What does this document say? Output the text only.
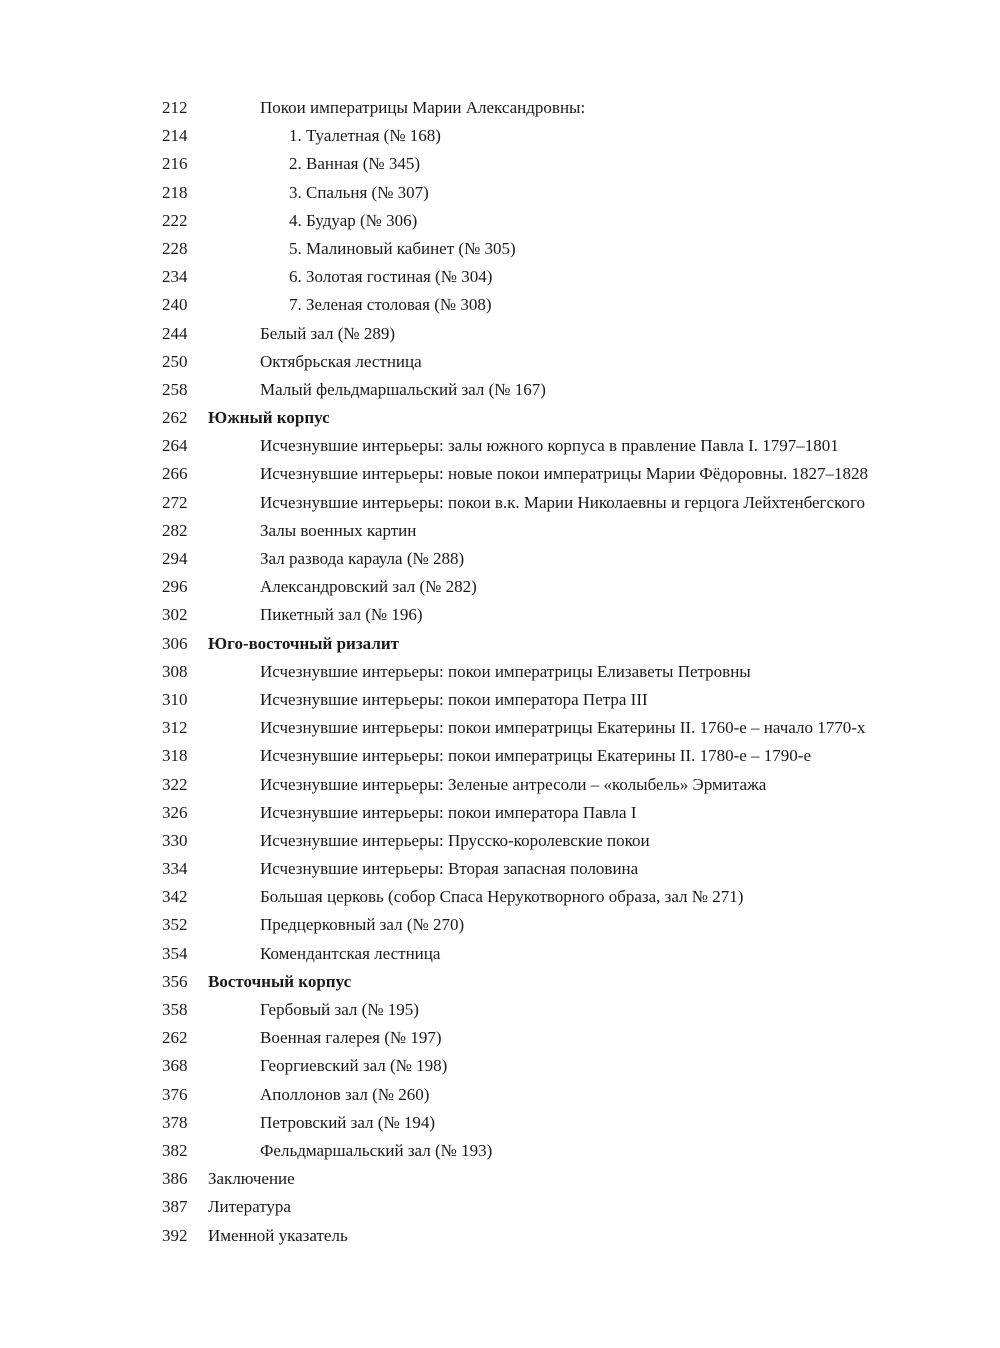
212	Покои императрицы Марии Александровны:
214	1. Туалетная (№ 168)
216	2. Ванная (№ 345)
218	3. Спальня (№ 307)
222	4. Будуар (№ 306)
228	5. Малиновый кабинет (№ 305)
234	6. Золотая гостиная (№ 304)
240	7. Зеленая столовая (№ 308)
244	Белый зал (№ 289)
250	Октябрьская лестница
258	Малый фельдмаршальский зал (№ 167)
262 Южный корпус
264	Исчезнувшие интерьеры: залы южного корпуса в правление Павла I. 1797–1801
266	Исчезнувшие интерьеры: новые покои императрицы Марии Фёдоровны. 1827–1828
272	Исчезнувшие интерьеры: покои в.к. Марии Николаевны и герцога Лейхтенбегского
282	Залы военных картин
294	Зал развода караула (№ 288)
296	Александровский зал (№ 282)
302	Пикетный зал (№ 196)
306 Юго-восточный ризалит
308	Исчезнувшие интерьеры: покои императрицы Елизаветы Петровны
310	Исчезнувшие интерьеры: покои императора Петра III
312	Исчезнувшие интерьеры: покои императрицы Екатерины II. 1760-е – начало 1770-х
318	Исчезнувшие интерьеры: покои императрицы Екатерины II. 1780-е – 1790-е
322	Исчезнувшие интерьеры: Зеленые антресоли – «колыбель» Эрмитажа
326	Исчезнувшие интерьеры: покои императора Павла I
330	Исчезнувшие интерьеры: Прусско-королевские покои
334	Исчезнувшие интерьеры: Вторая запасная половина
342	Большая церковь (собор Спаса Нерукотворного образа, зал № 271)
352	Предцерковный зал (№ 270)
354	Комендантская лестница
356 Восточный корпус
358	Гербовый зал (№ 195)
262	Военная галерея (№ 197)
368	Георгиевский зал (№ 198)
376	Аполлонов зал (№ 260)
378	Петровский зал (№ 194)
382	Фельдмаршальский зал (№ 193)
386 Заключение
387 Литература
392 Именной указатель
